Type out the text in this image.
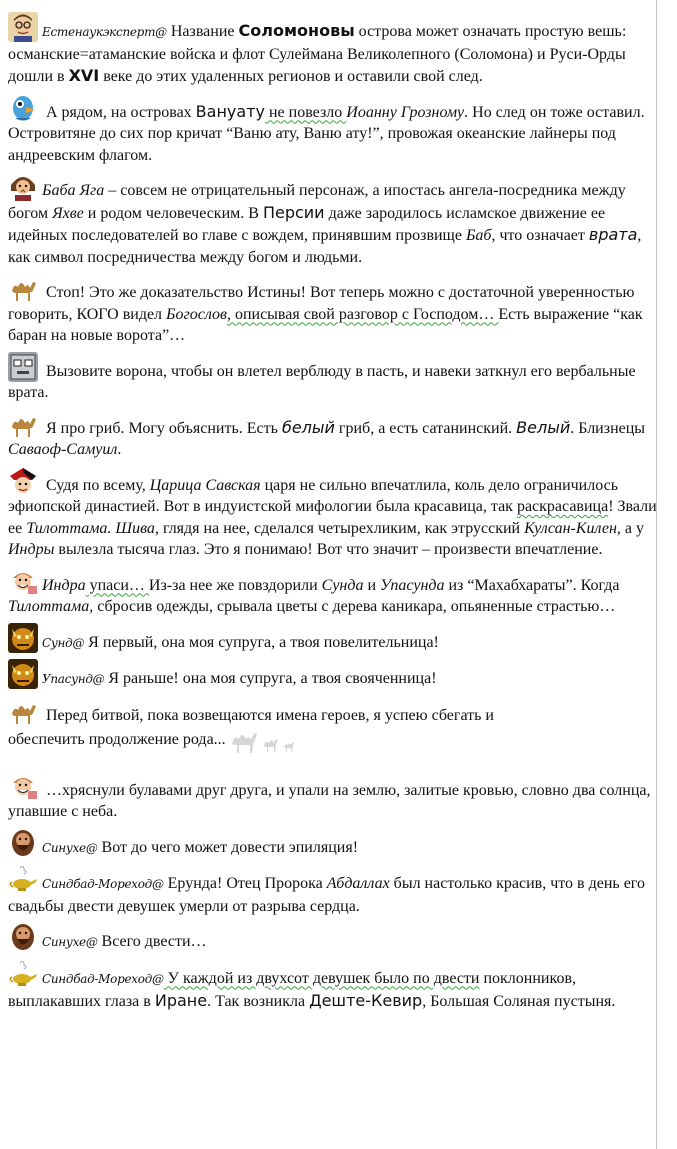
Естенаукэксперт@ Название Соломоновы острова может означать простую вешь: османские=атаманские войска и флот Сулеймана Великолепного (Соломона) и Руси-Орды дошли в XVI веке до этих удаленных регионов и оставили свой след.

А рядом, на островах Вануату не повезло Иоанну Грозному. Но след он тоже оставил. Островитяне до сих пор кричат “Ваню ату, Ваню ату!”, провожая океанские лайнеры под андреевским флагом.

Баба Яга – совсем не отрицательный персонаж, а ипостась ангела-посредника между богом Яхве и родом человеческим. В Персии даже зародилось исламское движение ее идейных последователей во главе с вождем, принявшим прозвище Баб, что означает врата, как символ посредничества между богом и людьми.

Стоп! Это же доказательство Истины! Вот теперь можно с достаточной уверенностью говорить, КОГО видел Богослов, описывая свой разговор с Господом… Есть выражение “как баран на новые ворота”…

Вызовите ворона, чтобы он влетел верблюду в пасть, и навеки заткнул его вербальные врата.

Я про гриб. Могу объяснить. Есть белый гриб, а есть сатанинский. Велый. Близнецы Саваоф-Самуил.

Судя по всему, Царица Савская царя не сильно впечатлила, коль дело ограничилось эфиопской династией. Вот в индуистской мифологии была красавица, так раскрасавица! Звали ее Тилоттама. Шива, глядя на нее, сделался четырехликим, как этрусский Кулсан-Килен, а у Индры вылезла тысяча глаз. Это я понимаю! Вот что значит – произвести впечатление.

Индра упаси… Из-за нее же повздорили Сунда и Упасунда из “Махабхараты”. Когда Тилоттама, сбросив одежды, срывала цветы с дерева каникара, опьяненные страстью…

Сунд@ Я первый, она моя супруга, а твоя повелительница!

Упасунд@ Я раньше! она моя супруга, а твоя свояченница!

Перед битвой, пока возвещаются имена героев, я успею сбегать и
обеспечить продолжение рода...

…хряснули булавами друг друга, и упали на землю, залитые кровью, словно два солнца, упавшие с неба.

Синухе@ Вот до чего может довести эпиляция!

Синдбад-Мореход@ Ерунда! Отец Пророка Абдаллах был настолько красив, что в день его свадьбы двести девушек умерли от разрыва сердца.

Синухе@ Всего двести…

Синдбад-Мореход@ У каждой из двухсот девушек было по двести поклонников, выплакавших глаза в Иране. Так возникла Деште-Кевир, Большая Соляная пустыня.
